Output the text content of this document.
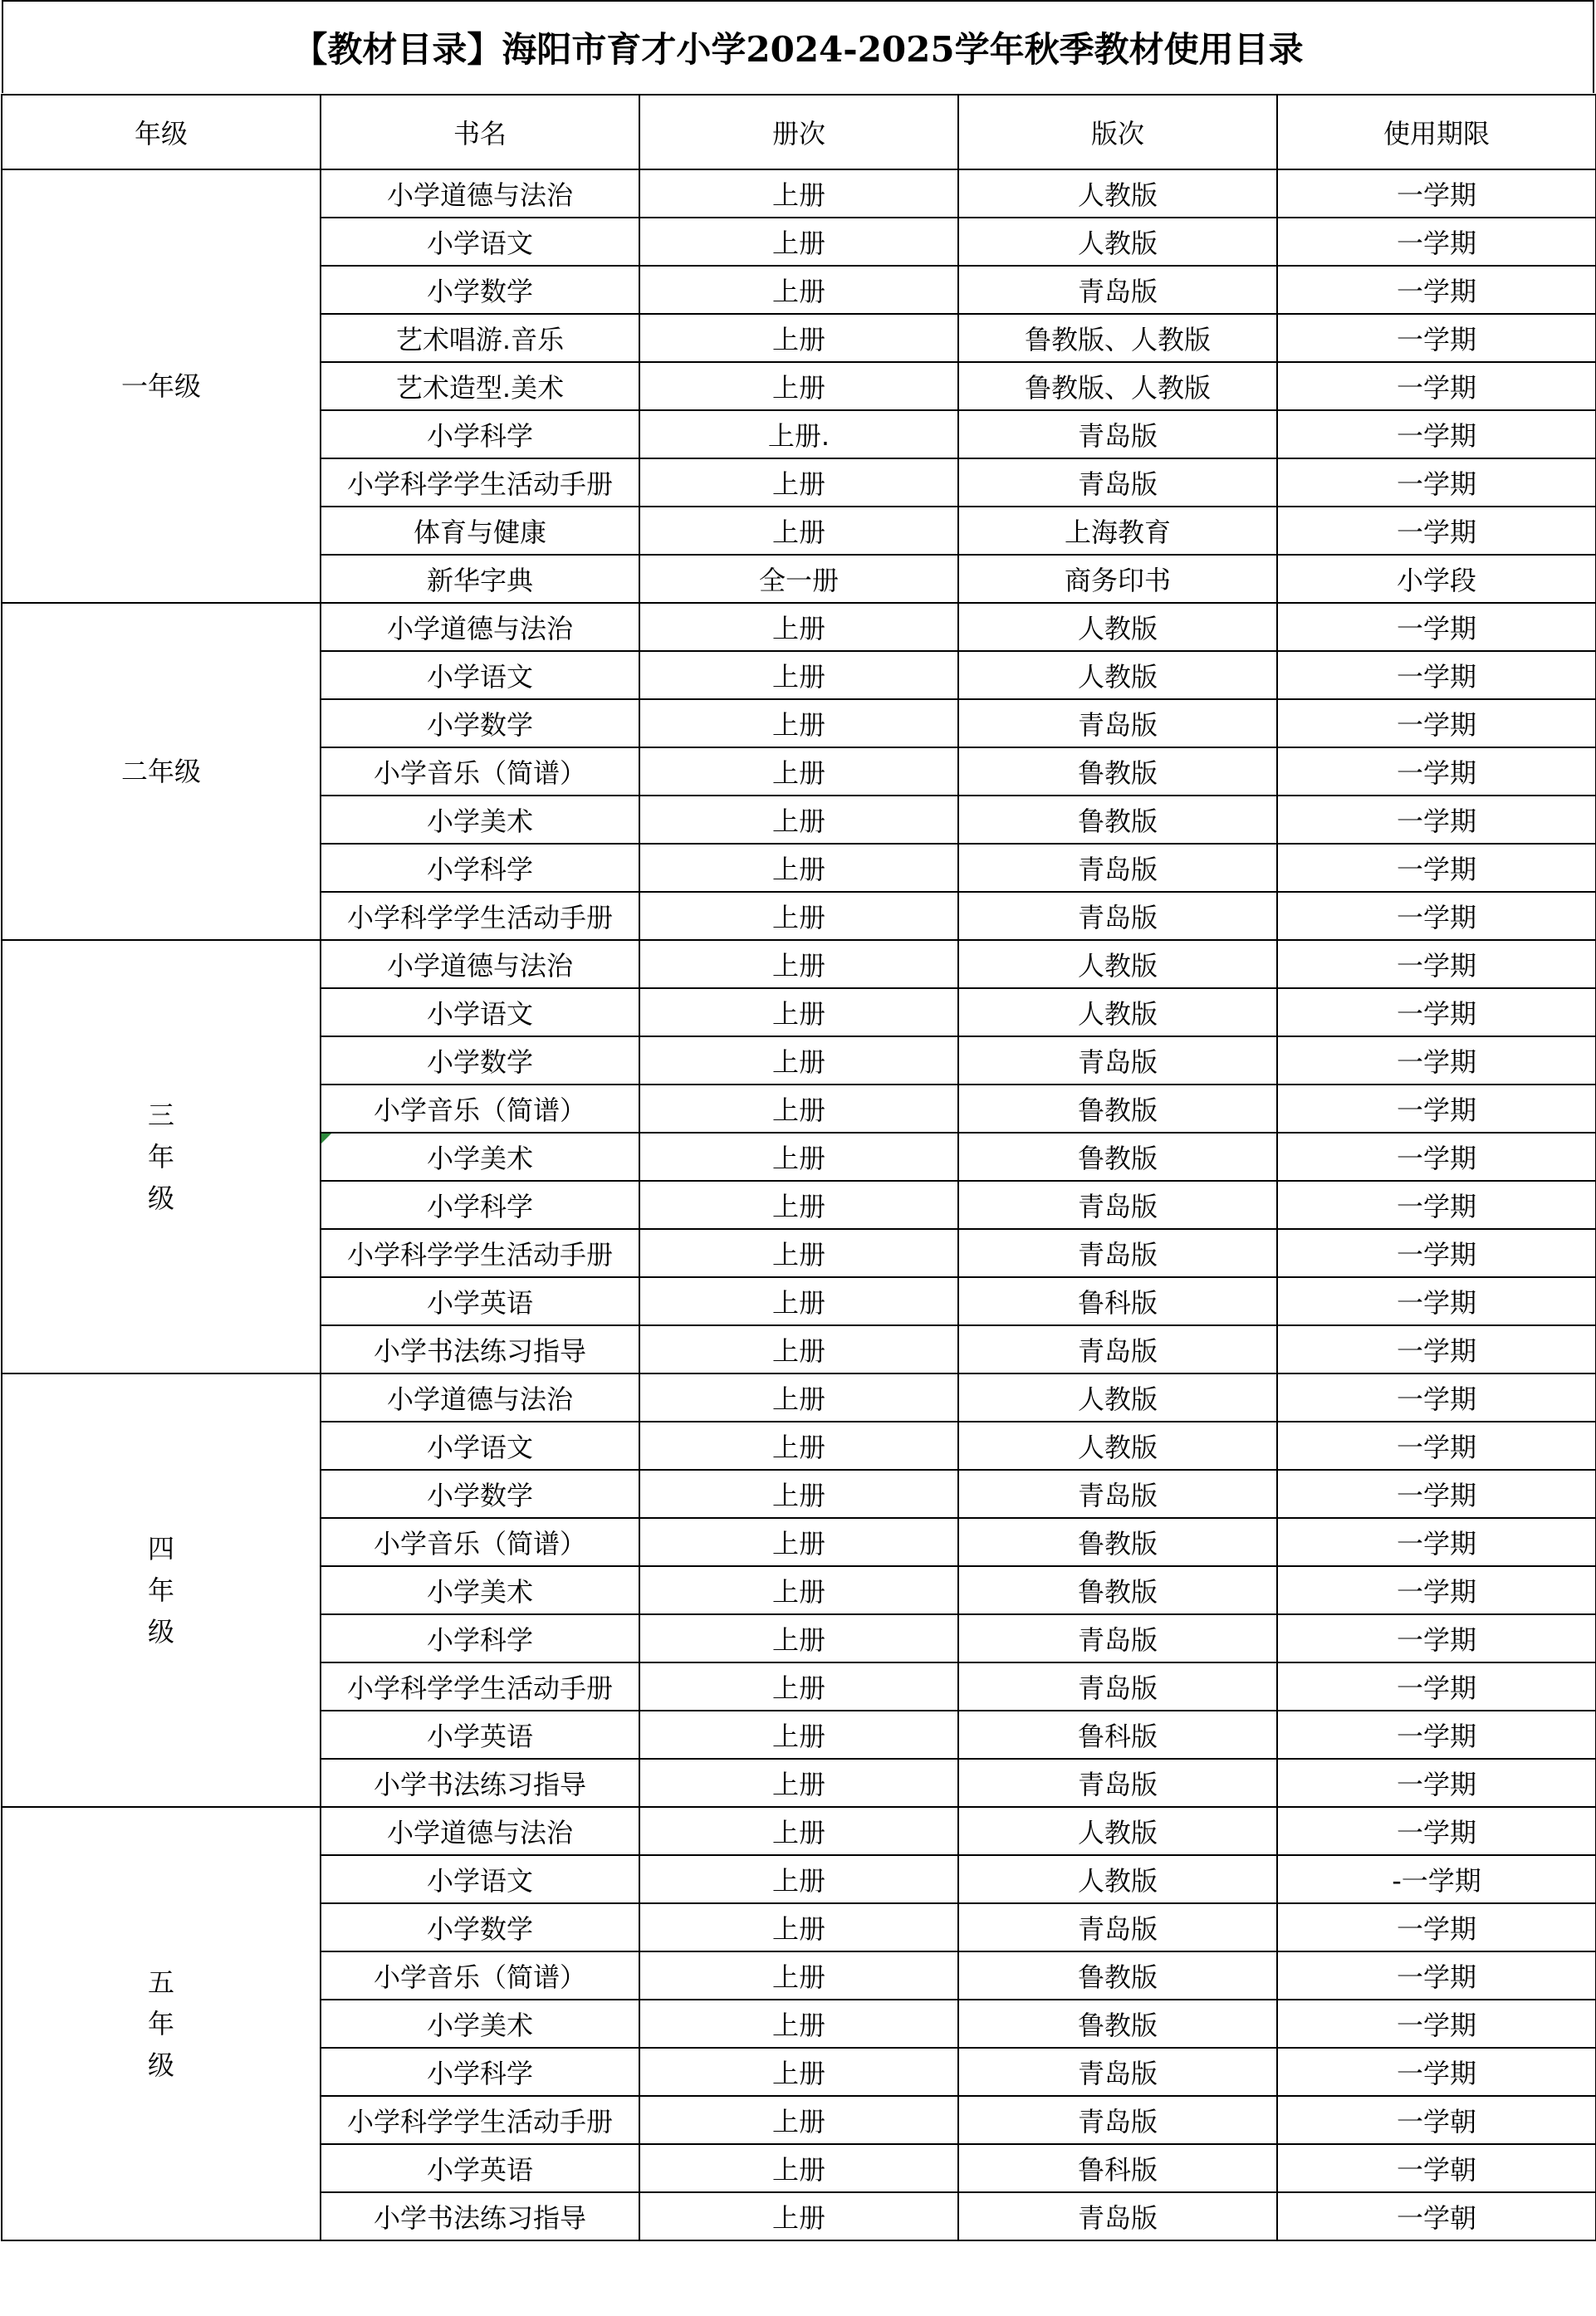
【教材目录】海阳市育才小学2024-2025学年秋季教材使用目录
年级	书名	册次	版次	使用期限
一年级	小学道德与法治	上册	人教版	一学期
	小学语文	上册	人教版	一学期
	小学数学	上册	青岛版	一学期
	艺术唱游.音乐	上册	鲁教版、人教版	一学期
	艺术造型.美术	上册	鲁教版、人教版	一学期
	小学科学	上册.	青岛版	一学期
	小学科学学生活动手册	上册	青岛版	一学期
	体育与健康	上册	上海教育	一学期
	新华字典	全一册	商务印书	小学段
二年级	小学道德与法治	上册	人教版	一学期
	小学语文	上册	人教版	一学期
	小学数学	上册	青岛版	一学期
	小学音乐（简谱）	上册	鲁教版	一学期
	小学美术	上册	鲁教版	一学期
	小学科学	上册	青岛版	一学期
	小学科学学生活动手册	上册	青岛版	一学期
三年级	小学道德与法治	上册	人教版	一学期
	小学语文	上册	人教版	一学期
	小学数学	上册	青岛版	一学期
	小学音乐（简谱）	上册	鲁教版	一学期
	小学美术	上册	鲁教版	一学期
	小学科学	上册	青岛版	一学期
	小学科学学生活动手册	上册	青岛版	一学期
	小学英语	上册	鲁科版	一学期
	小学书法练习指导	上册	青岛版	一学期
四年级	小学道德与法治	上册	人教版	一学期
	小学语文	上册	人教版	一学期
	小学数学	上册	青岛版	一学期
	小学音乐（简谱）	上册	鲁教版	一学期
	小学美术	上册	鲁教版	一学期
	小学科学	上册	青岛版	一学期
	小学科学学生活动手册	上册	青岛版	一学期
	小学英语	上册	鲁科版	一学期
	小学书法练习指导	上册	青岛版	一学期
五年级	小学道德与法治	上册	人教版	一学期
	小学语文	上册	人教版	-一学期
	小学数学	上册	青岛版	一学期
	小学音乐（简谱）	上册	鲁教版	一学期
	小学美术	上册	鲁教版	一学期
	小学科学	上册	青岛版	一学期
	小学科学学生活动手册	上册	青岛版	一学朝
	小学英语	上册	鲁科版	一学朝
	小学书法练习指导	上册	青岛版	一学朝
